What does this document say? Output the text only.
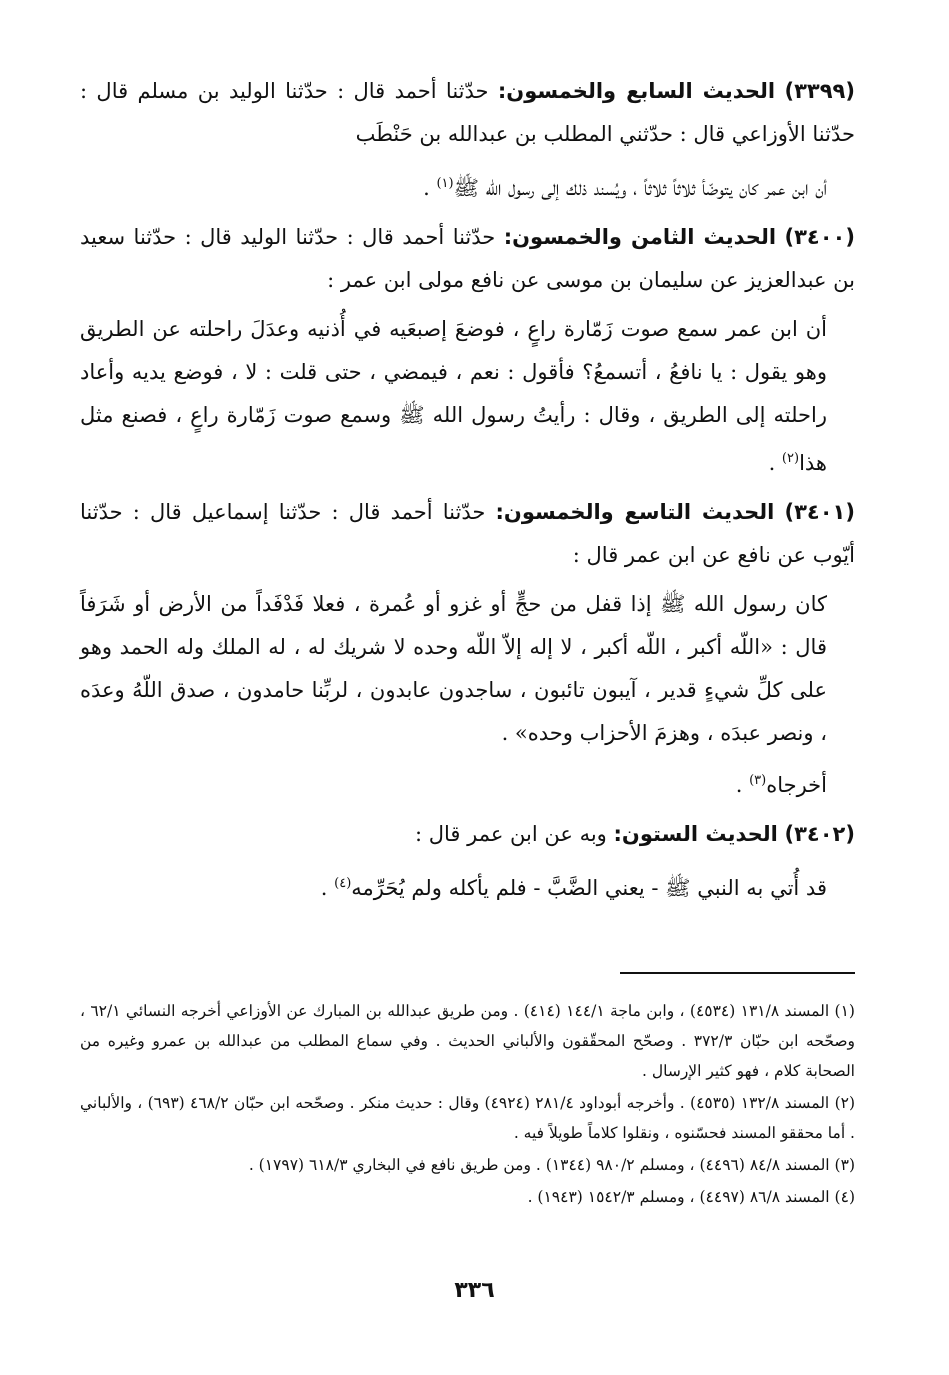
(٣٣٩٩) الحديث السابع والخمسون: حدّثنا أحمد قال : حدّثنا الوليد بن مسلم قال : حدّثنا الأوزاعي قال : حدّثني المطلب بن عبدالله بن حَنْطَب

أن ابن عمر كان يتوضّأ ثلاثاً ثلاثاً ، ويُسند ذلك إلى رسول الله ﷺ$^{(١)}$ .

(٣٤٠٠) الحديث الثامن والخمسون: حدّثنا أحمد قال : حدّثنا الوليد قال : حدّثنا سعيد بن عبدالعزيز عن سليمان بن موسى عن نافع مولى ابن عمر :

أن ابن عمر سمع صوت زَمّارة راعٍ ، فوضعَ إصبعَيه في أُذنيه وعدَلَ راحلته عن الطريق وهو يقول : يا نافعُ ، أتسمعُ؟ فأقول : نعم ، فيمضي ، حتى قلت : لا ، فوضع يديه وأعاد راحلته إلى الطريق ، وقال : رأيتُ رسول الله ﷺ وسمع صوت زَمّارة راعٍ ، فصنع مثل هذا$^{(٢)}$ .

(٣٤٠١) الحديث التاسع والخمسون: حدّثنا أحمد قال : حدّثنا إسماعيل قال : حدّثنا أيّوب عن نافع عن ابن عمر قال :

كان رسول الله ﷺ إذا قفل من حجٍّ أو غزو أو عُمرة ، فعلا فَدْفَداً من الأرض أو شَرَفاً قال : «اللّه أكبر ، اللّه أكبر ، لا إله إلاّ اللّه وحده لا شريك له ، له الملك وله الحمد وهو على كلِّ شيءٍ قدير ، آيبون تائبون ، ساجدون عابدون ، لربِّنا حامدون ، صدق اللّهُ وعدَه ، ونصر عبدَه ، وهزمَ الأحزاب وحده» .

أخرجاه$^{(٣)}$ .

(٣٤٠٢) الحديث الستون: وبه عن ابن عمر قال :

قد أُتي به النبي ﷺ - يعني الضَّبَّ - فلم يأكله ولم يُحَرِّمه$^{(٤)}$ .

(١) المسند ١٣١/٨ (٤٥٣٤) ، وابن ماجة ١٤٤/١ (٤١٤) . ومن طريق عبدالله بن المبارك عن الأوزاعي أخرجه النسائي ٦٢/١ ، وصحّحه ابن حبّان ٣٧٢/٣ . وصحّح المحقّقون والألباني الحديث . وفي سماع المطلب من عبدالله بن عمرو وغيره من الصحابة كلام ، فهو كثير الإرسال .

(٢) المسند ١٣٢/٨ (٤٥٣٥) . وأخرجه أبوداود ٢٨١/٤ (٤٩٢٤) وقال : حديث منكر . وصحّحه ابن حبّان ٤٦٨/٢ (٦٩٣) ، والألباني . أما محققو المسند فحسّنوه ، ونقلوا كلاماً طويلاً فيه .

(٣) المسند ٨٤/٨ (٤٤٩٦) ، ومسلم ٩٨٠/٢ (١٣٤٤) . ومن طريق نافع في البخاري ٦١٨/٣ (١٧٩٧) .

(٤) المسند ٨٦/٨ (٤٤٩٧) ، ومسلم ١٥٤٢/٣ (١٩٤٣) .

٣٣٦
